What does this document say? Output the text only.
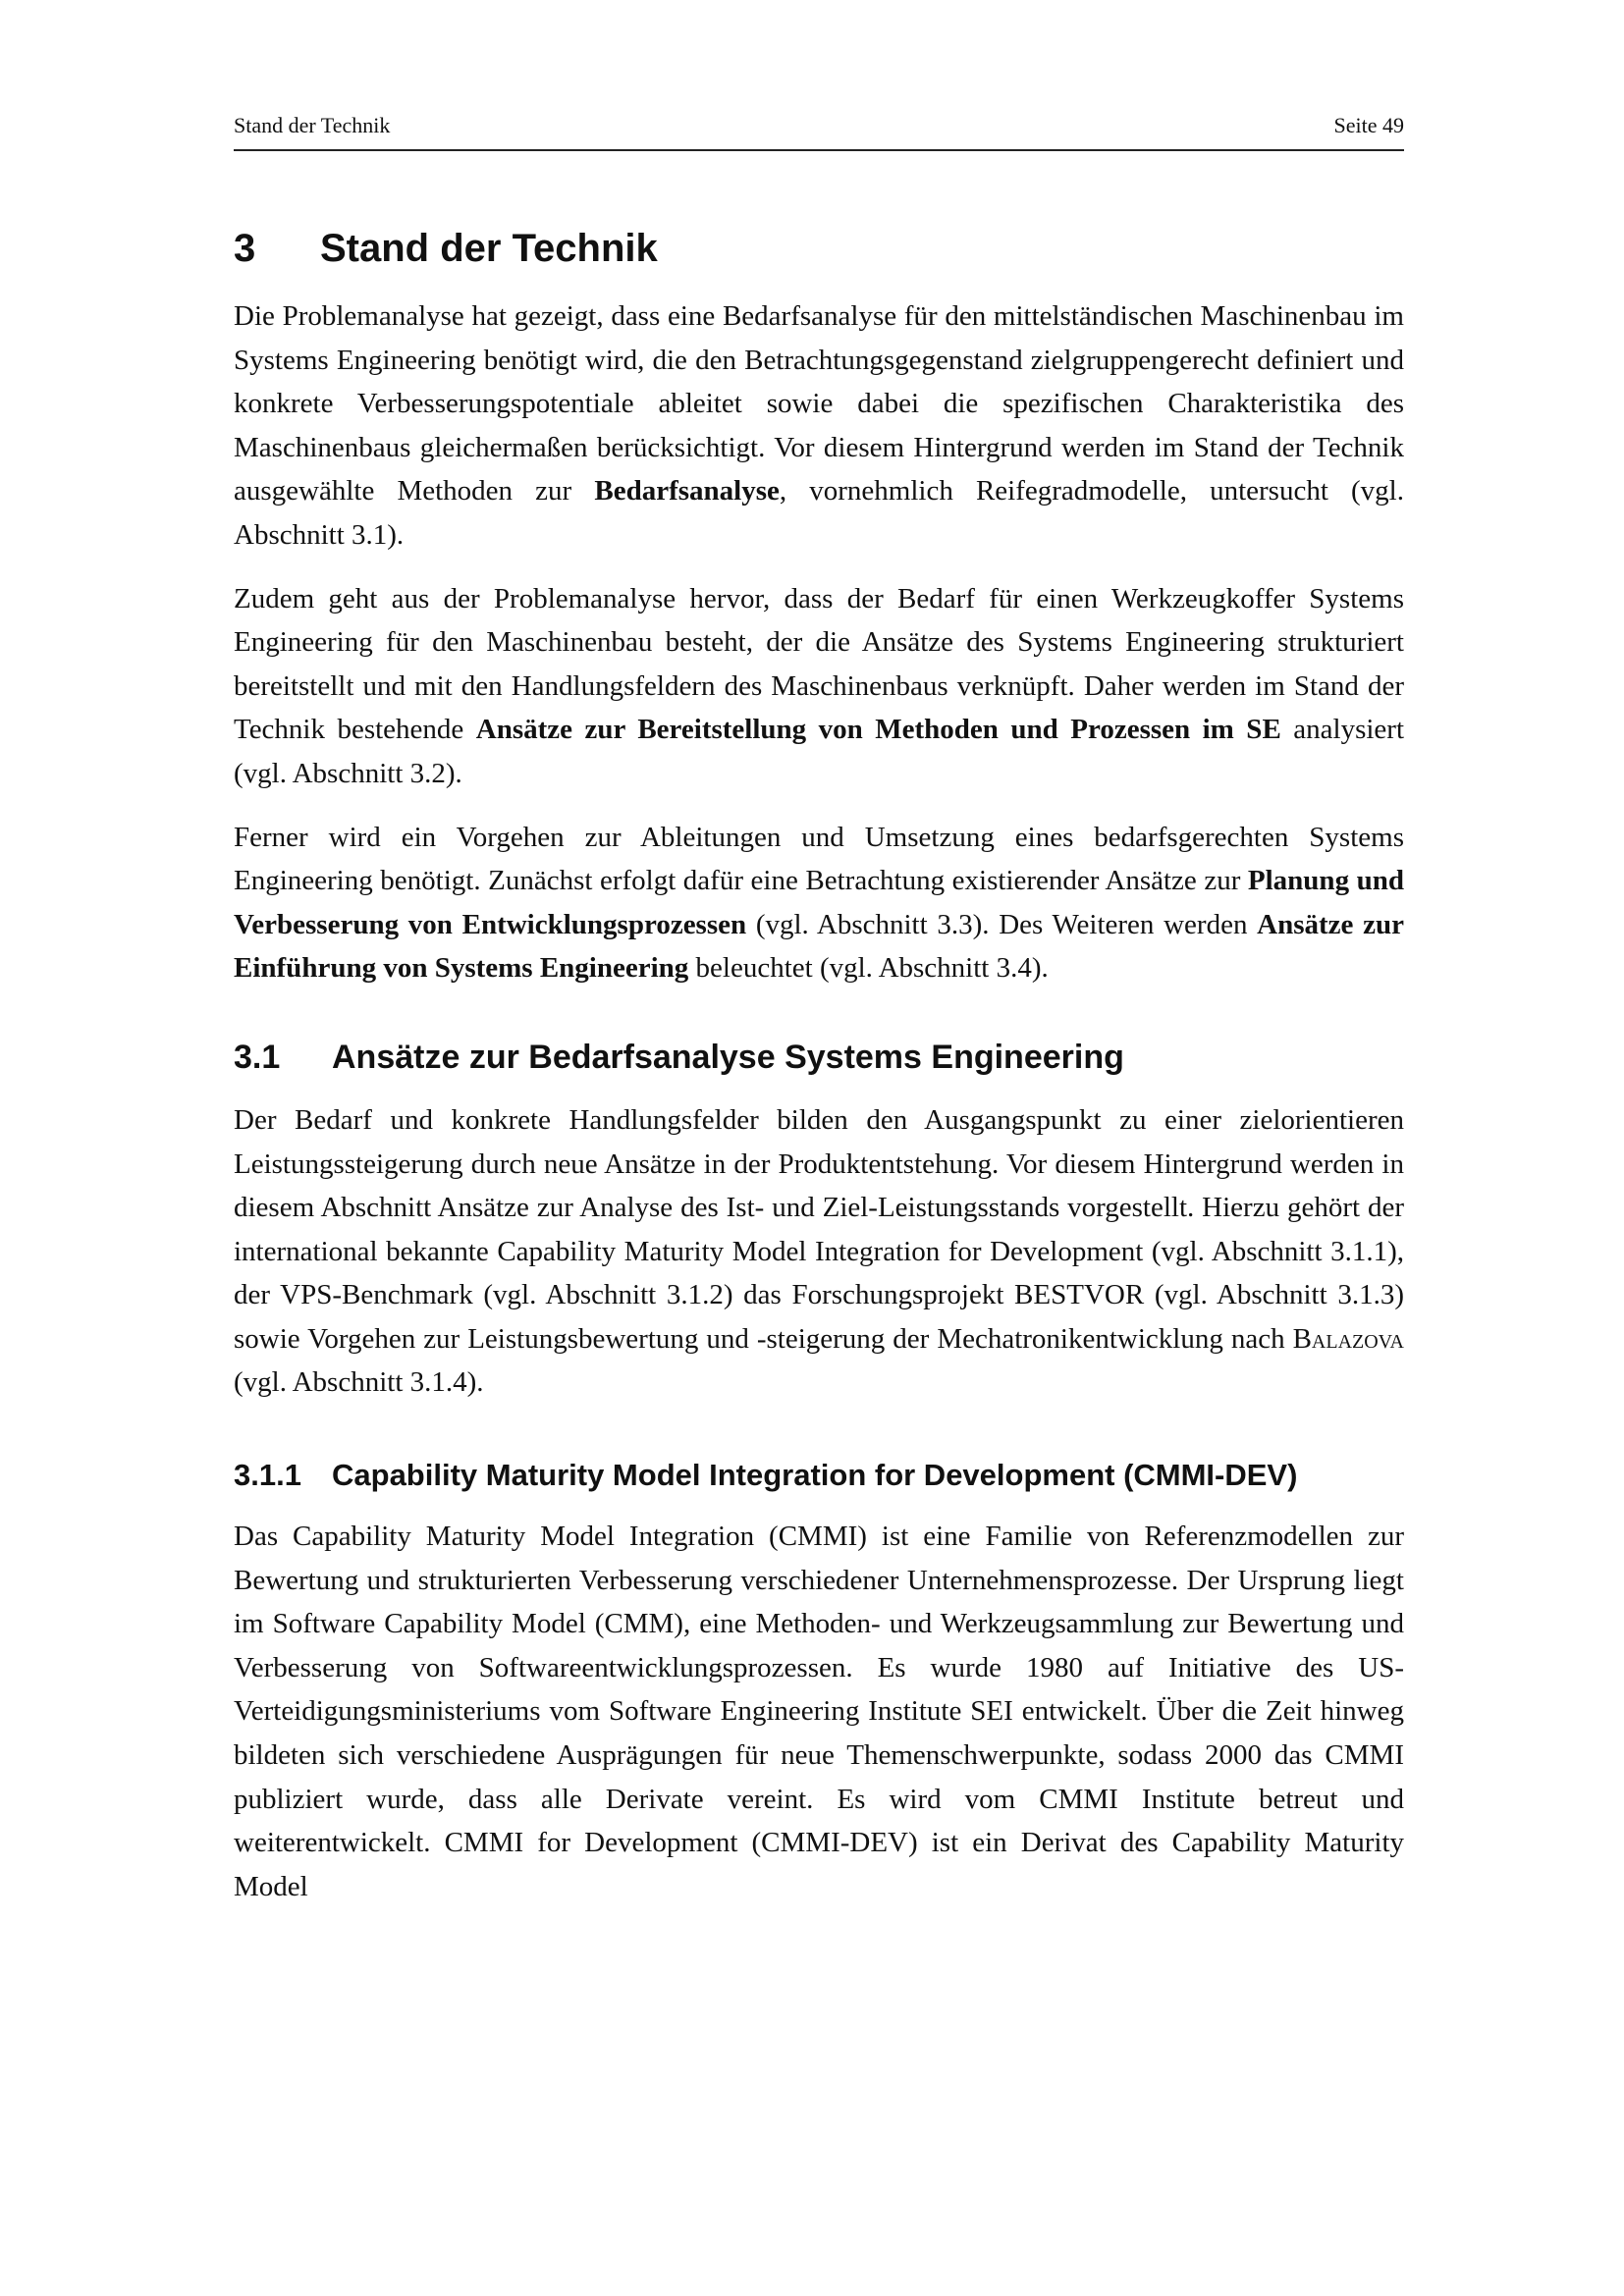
Stand der Technik	Seite 49
3 Stand der Technik

Die Problemanalyse hat gezeigt, dass eine Bedarfsanalyse für den mittelständischen Maschinenbau im Systems Engineering benötigt wird, die den Betrachtungsgegenstand zielgruppengerecht definiert und konkrete Verbesserungspotentiale ableitet sowie dabei die spezifischen Charakteristika des Maschinenbaus gleichermaßen berücksichtigt. Vor diesem Hintergrund werden im Stand der Technik ausgewählte Methoden zur Bedarfsanalyse, vornehmlich Reifegradmodelle, untersucht (vgl. Abschnitt 3.1).

Zudem geht aus der Problemanalyse hervor, dass der Bedarf für einen Werkzeugkoffer Systems Engineering für den Maschinenbau besteht, der die Ansätze des Systems Engineering strukturiert bereitstellt und mit den Handlungsfeldern des Maschinenbaus verknüpft. Daher werden im Stand der Technik bestehende Ansätze zur Bereitstellung von Methoden und Prozessen im SE analysiert (vgl. Abschnitt 3.2).

Ferner wird ein Vorgehen zur Ableitungen und Umsetzung eines bedarfsgerechten Systems Engineering benötigt. Zunächst erfolgt dafür eine Betrachtung existierender Ansätze zur Planung und Verbesserung von Entwicklungsprozessen (vgl. Abschnitt 3.3). Des Weiteren werden Ansätze zur Einführung von Systems Engineering beleuchtet (vgl. Abschnitt 3.4).

3.1 Ansätze zur Bedarfsanalyse Systems Engineering

Der Bedarf und konkrete Handlungsfelder bilden den Ausgangspunkt zu einer zielorientieren Leistungssteigerung durch neue Ansätze in der Produktentstehung. Vor diesem Hintergrund werden in diesem Abschnitt Ansätze zur Analyse des Ist- und Ziel-Leistungsstands vorgestellt. Hierzu gehört der international bekannte Capability Maturity Model Integration for Development (vgl. Abschnitt 3.1.1), der VPS-Benchmark (vgl. Abschnitt 3.1.2) das Forschungsprojekt BESTVOR (vgl. Abschnitt 3.1.3) sowie Vorgehen zur Leistungsbewertung und -steigerung der Mechatronikentwicklung nach Balazova (vgl. Abschnitt 3.1.4).

3.1.1 Capability Maturity Model Integration for Development (CMMI-DEV)

Das Capability Maturity Model Integration (CMMI) ist eine Familie von Referenzmodellen zur Bewertung und strukturierten Verbesserung verschiedener Unternehmensprozesse. Der Ursprung liegt im Software Capability Model (CMM), eine Methoden- und Werkzeugsammlung zur Bewertung und Verbesserung von Softwareentwicklungsprozessen. Es wurde 1980 auf Initiative des US- Verteidigungsministeriums vom Software Engineering Institute SEI entwickelt. Über die Zeit hinweg bildeten sich verschiedene Ausprägungen für neue Themenschwerpunkte, sodass 2000 das CMMI publiziert wurde, dass alle Derivate vereint. Es wird vom CMMI Institute betreut und weiterentwickelt. CMMI for Development (CMMI-DEV) ist ein Derivat des Capability Maturity Model
